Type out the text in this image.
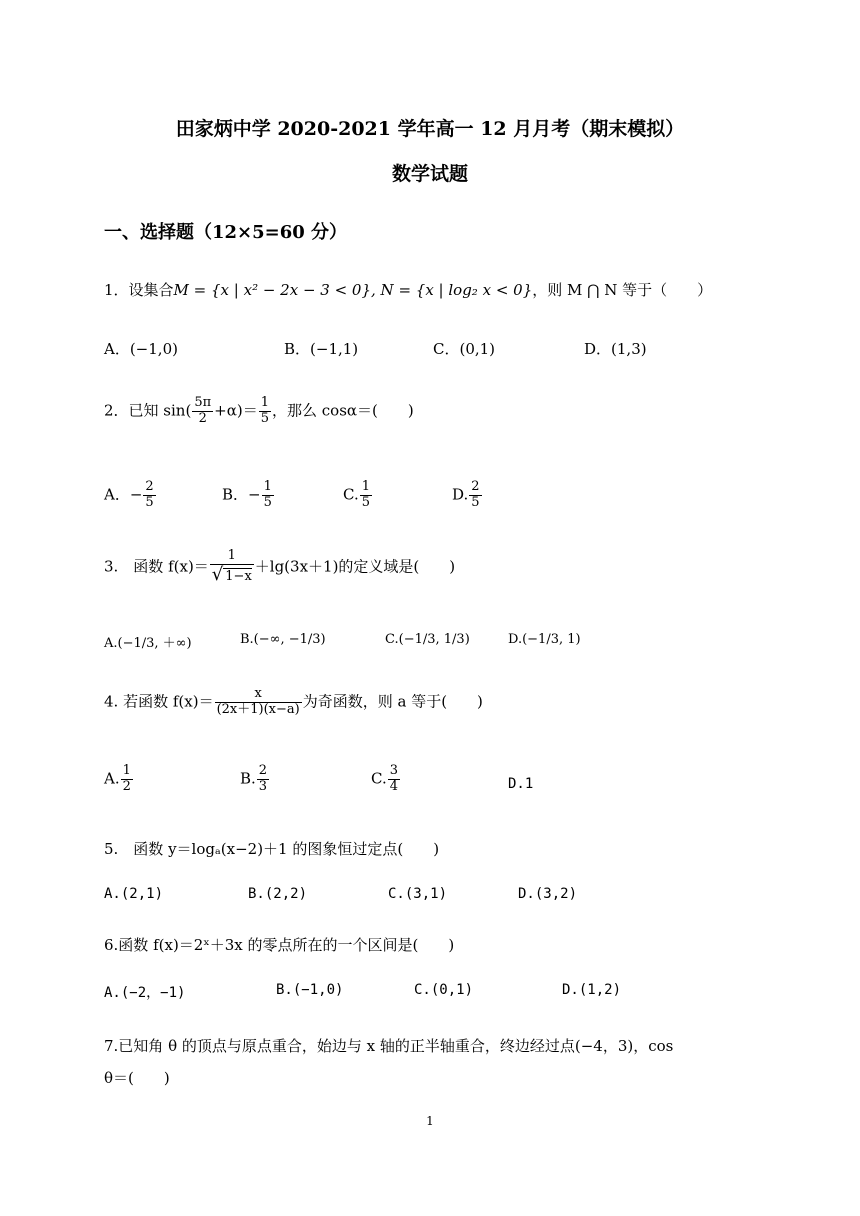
田家炳中学 2020-2021 学年高一 12 月月考（期末模拟）
数学试题
一、选择题（12×5=60 分）
1．设集合M = {x | x² − 2x − 3 < 0}, N = {x | log₂ x < 0}，则 M ⋂ N 等于（　　）
A．(−1,0)	B．(−1,1)	C．(0,1)	D．(1,3)
2．已知 $\sin( \frac{5\pi}{2} +\alpha)= \frac{1}{5}$ ，那么 cosα＝(　　)
A．− $\frac{2}{5}$	B．− $\frac{1}{5}$	C. $\frac{1}{5}$	D. $\frac{2}{5}$
3.　函数 $f(x)= \frac{1}{√ 1-x} +\lg(3x+1)$的定义域是(　　)
A.(−1/3, ＋∞)	B.(−∞, −1/3)	C.(−1/3, 1/3)	D.(−1/3, 1)
4. 若函数 $f(x)= \frac{x}{(2x+1)(x-a)}$ 为奇函数，则 a 等于(　　)
A. $\frac{1}{2}$	B. $\frac{2}{3}$	C. $\frac{3}{4}$	D.1
5.　函数 y＝logₐ(x−2)＋1 的图象恒过定点(　　)
A.(2,1)	B.(2,2)	C.(3,1)	D.(3,2)
6.函数 f(x)＝2ˣ＋3x 的零点所在的一个区间是(　　)
A.(−2，−1)	B.(−1,0)	C.(0,1)	D.(1,2)
7.已知角 θ 的顶点与原点重合，始边与 x 轴的正半轴重合，终边经过点(−4，3)，cos
θ＝(　　)
1
